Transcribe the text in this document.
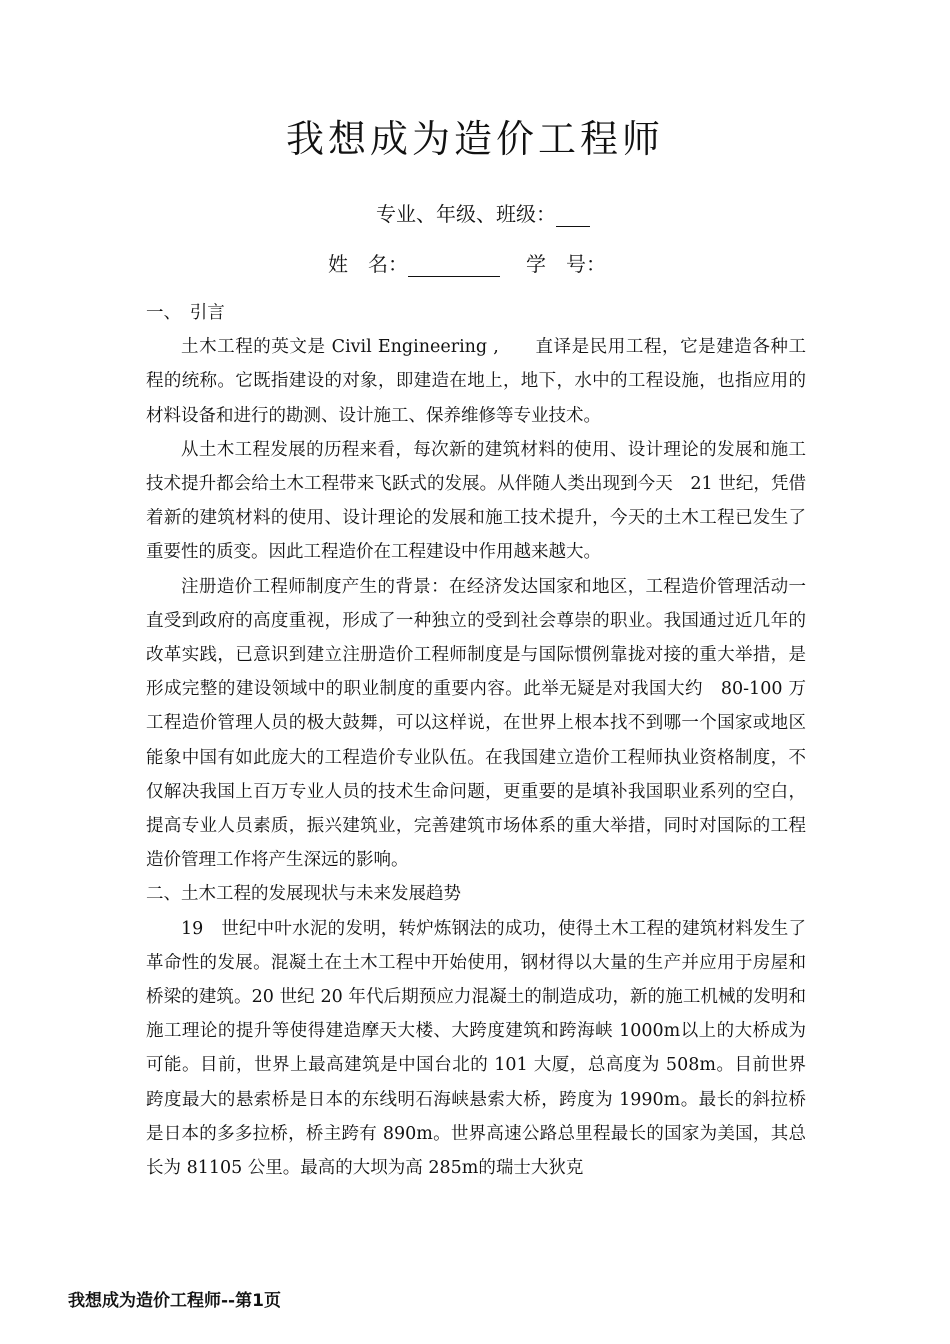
我想成为造价工程师
专业、年级、班级：
姓　名：	学　号：

一、　引言

土木工程的英文是 Civil Engineering ,　　直译是民用工程，它是建造各种工程的统称。它既指建设的对象，即建造在地上，地下，水中的工程设施，也指应用的材料设备和进行的勘测、设计施工、保养维修等专业技术。

从土木工程发展的历程来看，每次新的建筑材料的使用、设计理论的发展和施工技术提升都会给土木工程带来飞跃式的发展。从伴随人类出现到今天　21 世纪，凭借着新的建筑材料的使用、设计理论的发展和施工技术提升，今天的土木工程已发生了重要性的质变。因此工程造价在工程建设中作用越来越大。

注册造价工程师制度产生的背景：在经济发达国家和地区，工程造价管理活动一直受到政府的高度重视，形成了一种独立的受到社会尊崇的职业。我国通过近几年的改革实践，已意识到建立注册造价工程师制度是与国际惯例靠拢对接的重大举措，是形成完整的建设领域中的职业制度的重要内容。此举无疑是对我国大约　80-100 万工程造价管理人员的极大鼓舞，可以这样说，在世界上根本找不到哪一个国家或地区能象中国有如此庞大的工程造价专业队伍。在我国建立造价工程师执业资格制度，不仅解决我国上百万专业人员的技术生命问题，更重要的是填补我国职业系列的空白，提高专业人员素质，振兴建筑业，完善建筑市场体系的重大举措，同时对国际的工程造价管理工作将产生深远的影响。

二、土木工程的发展现状与未来发展趋势

19　世纪中叶水泥的发明，转炉炼钢法的成功，使得土木工程的建筑材料发生了革命性的发展。混凝土在土木工程中开始使用，钢材得以大量的生产并应用于房屋和桥梁的建筑。20 世纪 20 年代后期预应力混凝土的制造成功，新的施工机械的发明和施工理论的提升等使得建造摩天大楼、大跨度建筑和跨海峡 1000m以上的大桥成为可能。目前，世界上最高建筑是中国台北的 101 大厦，总高度为 508m。目前世界跨度最大的悬索桥是日本的东线明石海峡悬索大桥，跨度为 1990m。最长的斜拉桥是日本的多多拉桥，桥主跨有 890m。世界高速公路总里程最长的国家为美国，其总长为 81105 公里。最高的大坝为高 285m的瑞士大狄克

我想成为造价工程师--第1页
